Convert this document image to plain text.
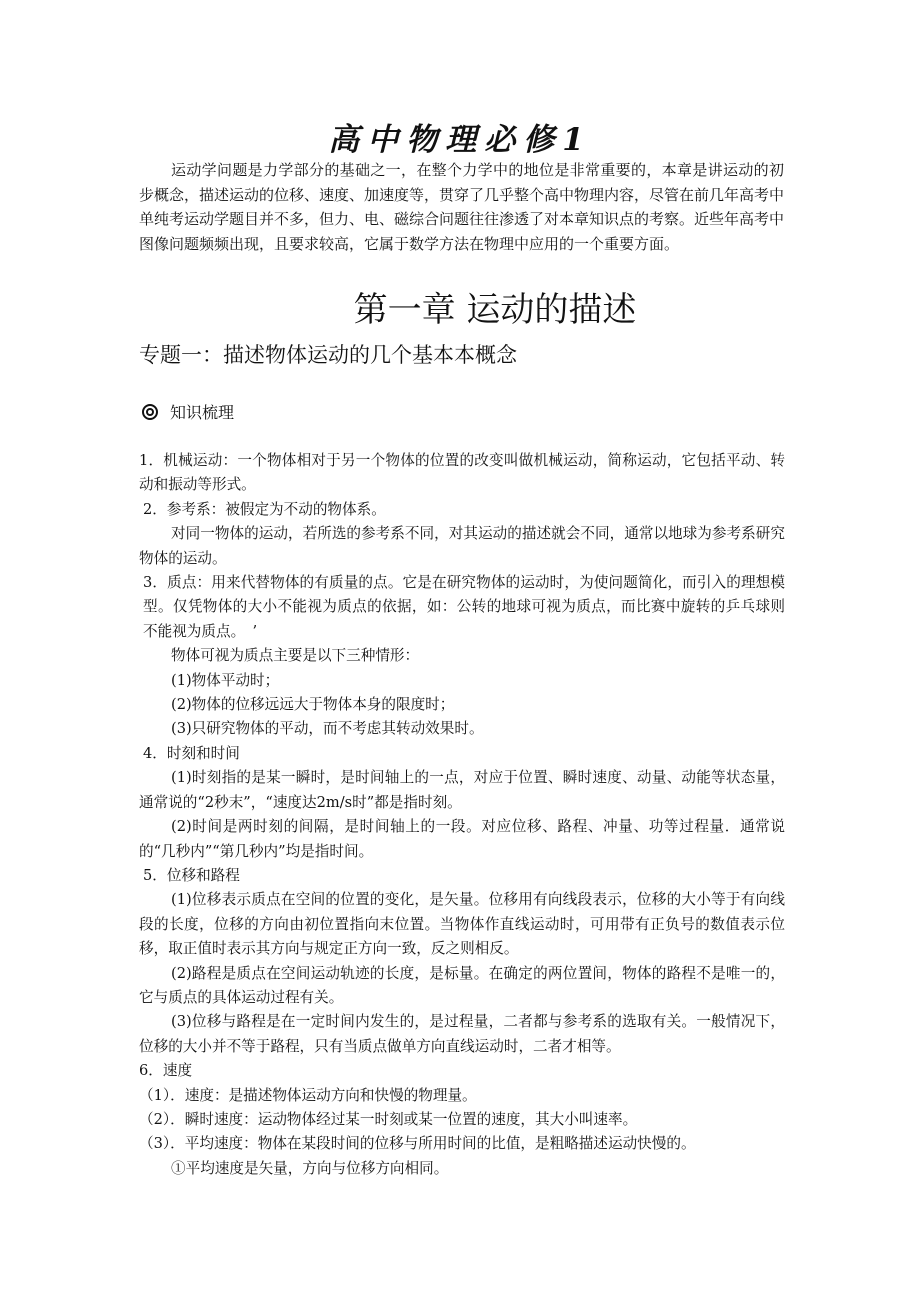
高中物理必修1

运动学问题是力学部分的基础之一，在整个力学中的地位是非常重要的，本章是讲运动的初步概念，描述运动的位移、速度、加速度等，贯穿了几乎整个高中物理内容，尽管在前几年高考中单纯考运动学题目并不多，但力、电、磁综合问题往往渗透了对本章知识点的考察。近些年高考中图像问题频频出现，且要求较高，它属于数学方法在物理中应用的一个重要方面。

第一章 运动的描述
专题一：描述物体运动的几个基本本概念
知识梳理

1．机械运动：一个物体相对于另一个物体的位置的改变叫做机械运动，简称运动，它包括平动、转动和振动等形式。

2．参考系：被假定为不动的物体系。

对同一物体的运动，若所选的参考系不同，对其运动的描述就会不同，通常以地球为参考系研究物体的运动。

3．质点：用来代替物体的有质量的点。它是在研究物体的运动时，为使问题简化，而引入的理想模型。仅凭物体的大小不能视为质点的依据，如：公转的地球可视为质点，而比赛中旋转的乒乓球则不能视为质点。　’

物体可视为质点主要是以下三种情形：

(1)物体平动时；

(2)物体的位移远远大于物体本身的限度时；

(3)只研究物体的平动，而不考虑其转动效果时。

4．时刻和时间

(1)时刻指的是某一瞬时，是时间轴上的一点，对应于位置、瞬时速度、动量、动能等状态量，通常说的“2秒末”，“速度达2m/s时”都是指时刻。

(2)时间是两时刻的间隔，是时间轴上的一段。对应位移、路程、冲量、功等过程量．通常说的“几秒内”“第几秒内”均是指时间。

5．位移和路程

(1)位移表示质点在空间的位置的变化，是矢量。位移用有向线段表示，位移的大小等于有向线段的长度，位移的方向由初位置指向末位置。当物体作直线运动时，可用带有正负号的数值表示位移，取正值时表示其方向与规定正方向一致，反之则相反。

(2)路程是质点在空间运动轨迹的长度，是标量。在确定的两位置间，物体的路程不是唯一的，它与质点的具体运动过程有关。

(3)位移与路程是在一定时间内发生的，是过程量，二者都与参考系的选取有关。一般情况下，位移的大小并不等于路程，只有当质点做单方向直线运动时，二者才相等。

6．速度

（1）．速度：是描述物体运动方向和快慢的物理量。

（2）．瞬时速度：运动物体经过某一时刻或某一位置的速度，其大小叫速率。

（3）．平均速度：物体在某段时间的位移与所用时间的比值，是粗略描述运动快慢的。

①平均速度是矢量，方向与位移方向相同。
